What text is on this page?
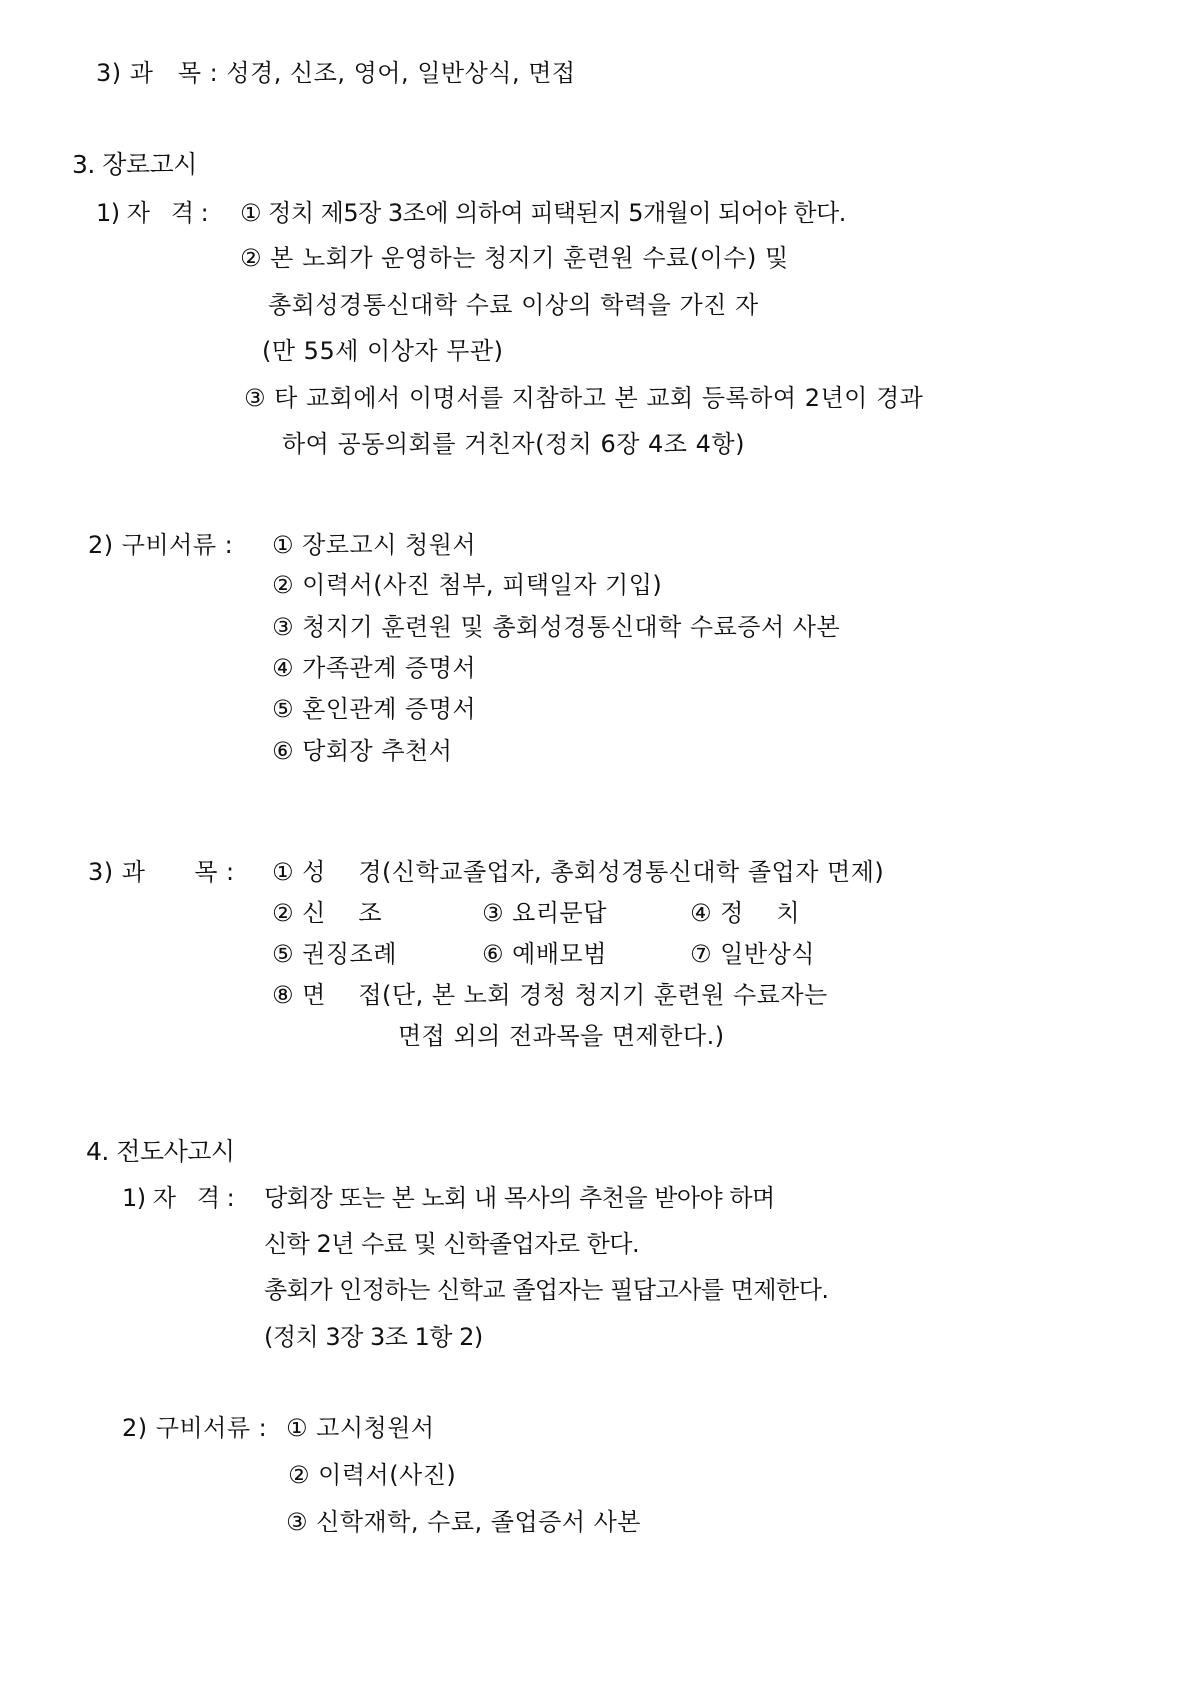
3) 과   목 : 성경, 신조, 영어, 일반상식, 면접
3. 장로고시
1) 자   격 : ① 정치 제5장 3조에 의하여 피택된지 5개월이 되어야 한다.
② 본 노회가 운영하는 청지기 훈련원 수료(이수) 및
총회성경통신대학 수료 이상의 학력을 가진 자
(만 55세 이상자 무관)
③ 타 교회에서 이명서를 지참하고 본 교회 등록하여 2년이 경과
하여 공동의회를 거친자(정치 6장 4조 4항)
2) 구비서류 : ① 장로고시 청원서
② 이력서(사진 첨부, 피택일자 기입)
③ 청지기 훈련원 및 총회성경통신대학 수료증서 사본
④ 가족관계 증명서
⑤ 혼인관계 증명서
⑥ 당회장 추천서
3) 과      목 : ① 성    경(신학교졸업자, 총회성경통신대학 졸업자 면제)
② 신    조	③ 요리문답	④ 정    치
⑤ 권징조례	⑥ 예배모범	⑦ 일반상식
⑧ 면    접(단, 본 노회 경청 청지기 훈련원 수료자는
면접 외의 전과목을 면제한다.)
4. 전도사고시
1) 자   격 : 당회장 또는 본 노회 내 목사의 추천을 받아야 하며
신학 2년 수료 및 신학졸업자로 한다.
총회가 인정하는 신학교 졸업자는 필답고사를 면제한다.
(정치 3장 3조 1항 2)
2) 구비서류 : ① 고시청원서
② 이력서(사진)
③ 신학재학, 수료, 졸업증서 사본
